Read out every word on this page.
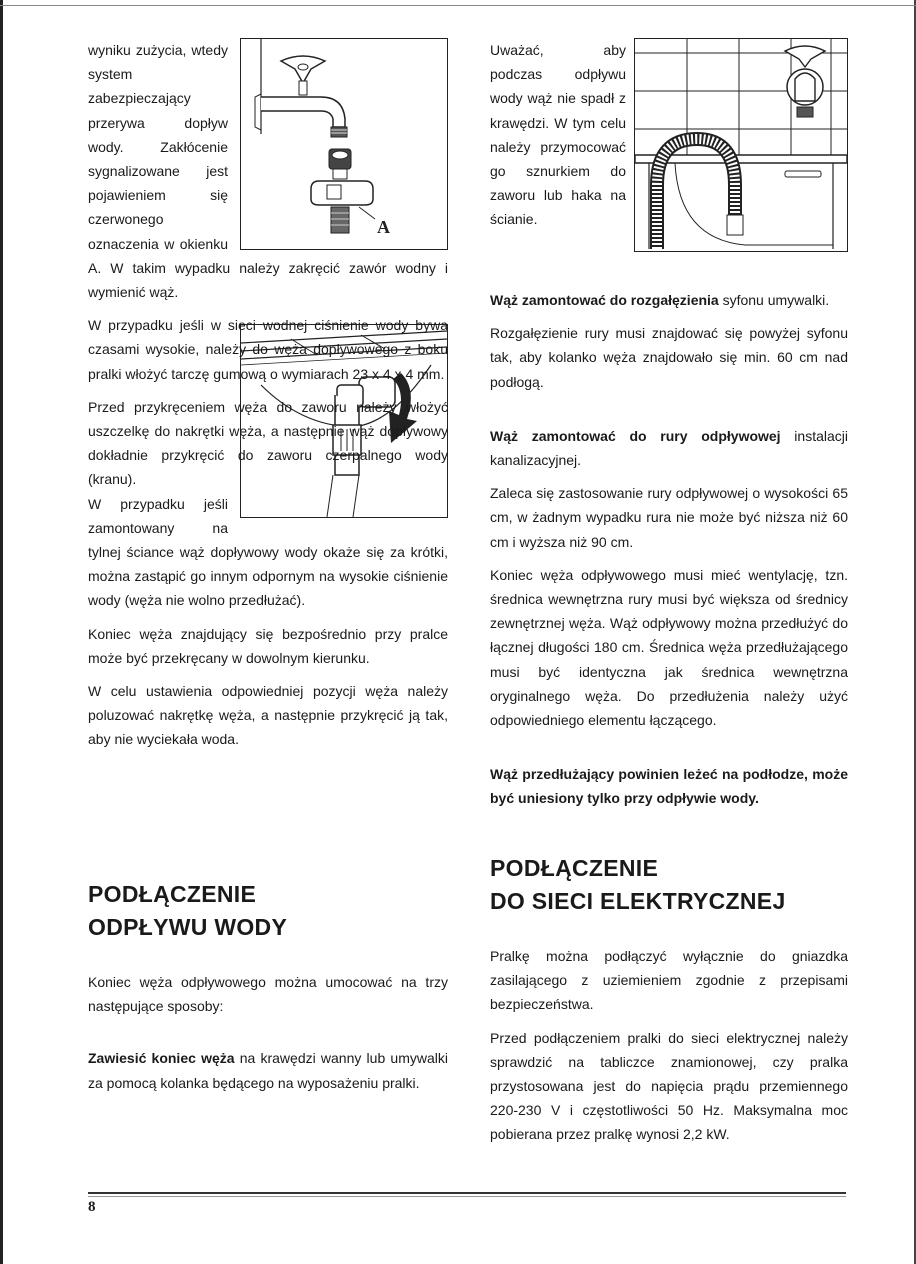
A

wyniku zużycia, wtedy system zabezpieczający przerywa dopływ wody. Zakłócenie sygnalizowane jest pojawieniem się czerwonego oznaczenia w okienku A. W takim wypadku należy zakręcić zawór wodny i wymienić wąż.

W przypadku jeśli w sieci wodnej ciśnienie wody bywa czasami wysokie, należy do węża dopływowego z boku pralki włożyć tarczę gumową o wymiarach 23 x 4 x 4 mm.

Przed przykręceniem węża do zaworu należy włożyć uszczelkę do nakrętki węża, a następnie wąż dopływowy dokładnie przykręcić do zaworu czerpalnego wody (kranu).

W przypadku jeśli zamontowany na tylnej ściance wąż dopływowy wody okaże się za krótki, można zastąpić go innym odpornym na wysokie ciśnienie wody (węża nie wolno przedłużać).

Koniec węża znajdujący się bezpośrednio przy pralce może być przekręcany w dowolnym kierunku.

W celu ustawienia odpowiedniej pozycji węża należy poluzować nakrętkę węża, a następnie przykręcić ją tak, aby nie wyciekała woda.

PODŁĄCZENIE
ODPŁYWU WODY

Koniec węża odpływowego można umocować na trzy następujące sposoby:

Zawiesić koniec węża na krawędzi wanny lub umywalki za pomocą kolanka będącego na wyposażeniu pralki.

Uważać, aby podczas odpływu wody wąż nie spadł z krawędzi. W tym celu należy przymocować go sznurkiem do zaworu lub haka na ścianie.

Wąż zamontować do rozgałęzienia syfonu umywalki.

Rozgałęzienie rury musi znajdować się powyżej syfonu tak, aby kolanko węża znajdowało się min. 60 cm nad podłogą.

Wąż zamontować do rury odpływowej instalacji kanalizacyjnej.

Zaleca się zastosowanie rury odpływowej o wysokości 65 cm, w żadnym wypadku rura nie może być niższa niż 60 cm i wyższa niż 90 cm.

Koniec węża odpływowego musi mieć wentylację, tzn. średnica wewnętrzna rury musi być większa od średnicy zewnętrznej węża. Wąż odpływowy można przedłużyć do łącznej długości 180 cm. Średnica węża przedłużającego musi być identyczna jak średnica wewnętrzna oryginalnego węża. Do przedłużenia należy użyć odpowiedniego elementu łączącego.

Wąż przedłużający powinien leżeć na podłodze, może być uniesiony tylko przy odpływie wody.

PODŁĄCZENIE
DO SIECI ELEKTRYCZNEJ

Pralkę można podłączyć wyłącznie do gniazdka zasilającego z uziemieniem zgodnie z przepisami bezpieczeństwa.

Przed podłączeniem pralki do sieci elektrycznej należy sprawdzić na tabliczce znamionowej, czy pralka przystosowana jest do napięcia prądu przemiennego 220-230 V i częstotliwości 50 Hz. Maksymalna moc pobierana przez pralkę wynosi 2,2 kW.

8
